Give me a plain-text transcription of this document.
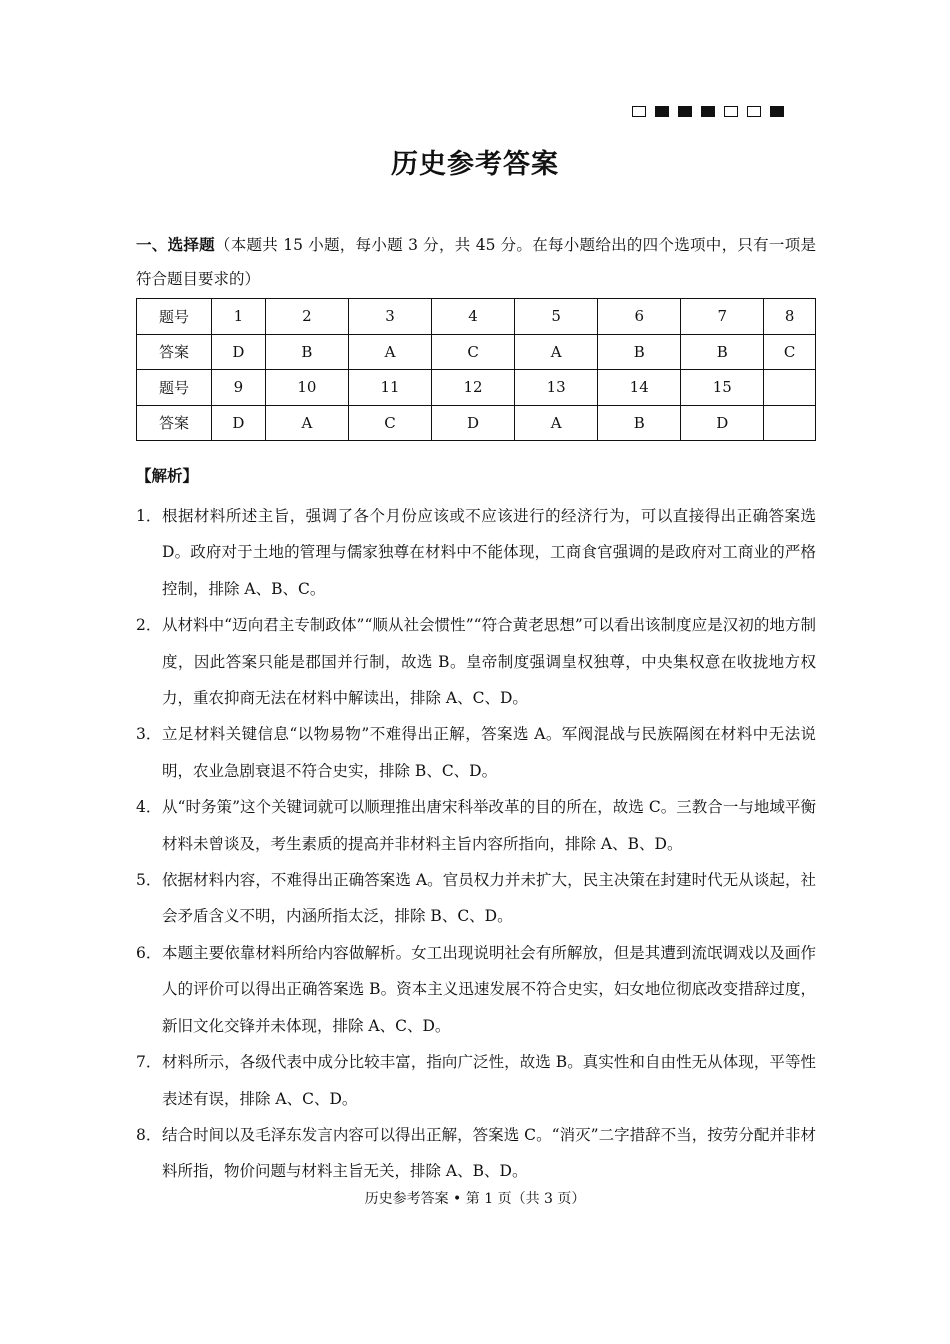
历史参考答案
一、选择题（本题共 15 小题，每小题 3 分，共 45 分。在每小题给出的四个选项中，只有一项是符合题目要求的）
题号	1	2	3	4	5	6	7	8
答案	D	B	A	C	A	B	B	C
题号	9	10	11	12	13	14	15	
答案	D	A	C	D	A	B	D	
【解析】
1． 根据材料所述主旨，强调了各个月份应该或不应该进行的经济行为，可以直接得出正确答案选 D。政府对于土地的管理与儒家独尊在材料中不能体现，工商食官强调的是政府对工商业的严格控制，排除 A、B、C。
2． 从材料中“迈向君主专制政体”“顺从社会惯性”“符合黄老思想”可以看出该制度应是汉初的地方制度，因此答案只能是郡国并行制，故选 B。皇帝制度强调皇权独尊，中央集权意在收拢地方权力，重农抑商无法在材料中解读出，排除 A、C、D。
3． 立足材料关键信息“以物易物”不难得出正解，答案选 A。军阀混战与民族隔阂在材料中无法说明，农业急剧衰退不符合史实，排除 B、C、D。
4． 从“时务策”这个关键词就可以顺理推出唐宋科举改革的目的所在，故选 C。三教合一与地域平衡材料未曾谈及，考生素质的提高并非材料主旨内容所指向，排除 A、B、D。
5． 依据材料内容，不难得出正确答案选 A。官员权力并未扩大，民主决策在封建时代无从谈起，社会矛盾含义不明，内涵所指太泛，排除 B、C、D。
6． 本题主要依靠材料所给内容做解析。女工出现说明社会有所解放，但是其遭到流氓调戏以及画作人的评价可以得出正确答案选 B。资本主义迅速发展不符合史实，妇女地位彻底改变措辞过度，新旧文化交锋并未体现，排除 A、C、D。
7． 材料所示，各级代表中成分比较丰富，指向广泛性，故选 B。真实性和自由性无从体现，平等性表述有误，排除 A、C、D。
8． 结合时间以及毛泽东发言内容可以得出正解，答案选 C。“消灭”二字措辞不当，按劳分配并非材料所指，物价问题与材料主旨无关，排除 A、B、D。
历史参考答案 • 第 1 页（共 3 页）
